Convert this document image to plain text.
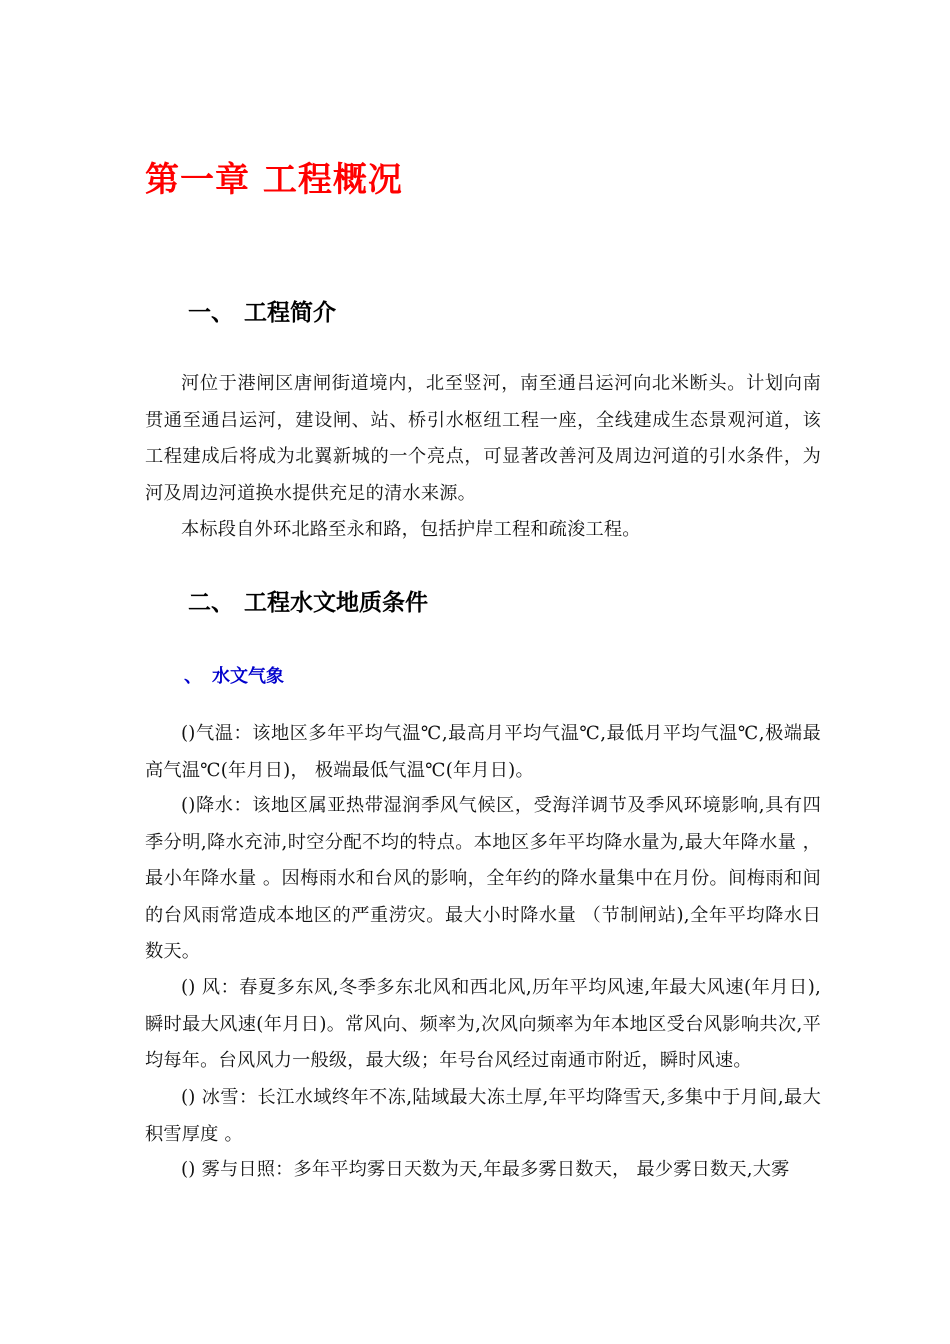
第一章 工程概况
一、 工程简介

河位于港闸区唐闸街道境内，北至竖河，南至通吕运河向北米断头。计划向南贯通至通吕运河，建设闸、站、桥引水枢纽工程一座，全线建成生态景观河道，该工程建成后将成为北翼新城的一个亮点，可显著改善河及周边河道的引水条件，为河及周边河道换水提供充足的清水来源。

本标段自外环北路至永和路，包括护岸工程和疏浚工程。

二、 工程水文地质条件
、 水文气象

()气温：该地区多年平均气温℃,最高月平均气温℃,最低月平均气温℃,极端最高气温℃(年月日)， 极端最低气温℃(年月日)。

()降水：该地区属亚热带湿润季风气候区，受海洋调节及季风环境影响,具有四季分明,降水充沛,时空分配不均的特点。本地区多年平均降水量为,最大年降水量 ， 最小年降水量 。因梅雨水和台风的影响，全年约的降水量集中在月份。间梅雨和间的台风雨常造成本地区的严重涝灾。最大小时降水量 （节制闸站),全年平均降水日数天。

() 风：春夏多东风,冬季多东北风和西北风,历年平均风速,年最大风速(年月日),瞬时最大风速(年月日)。常风向、频率为,次风向频率为年本地区受台风影响共次,平均每年。台风风力一般级，最大级；年号台风经过南通市附近，瞬时风速。

() 冰雪：长江水域终年不冻,陆域最大冻土厚,年平均降雪天,多集中于月间,最大积雪厚度 。

() 雾与日照：多年平均雾日天数为天,年最多雾日数天， 最少雾日数天,大雾
